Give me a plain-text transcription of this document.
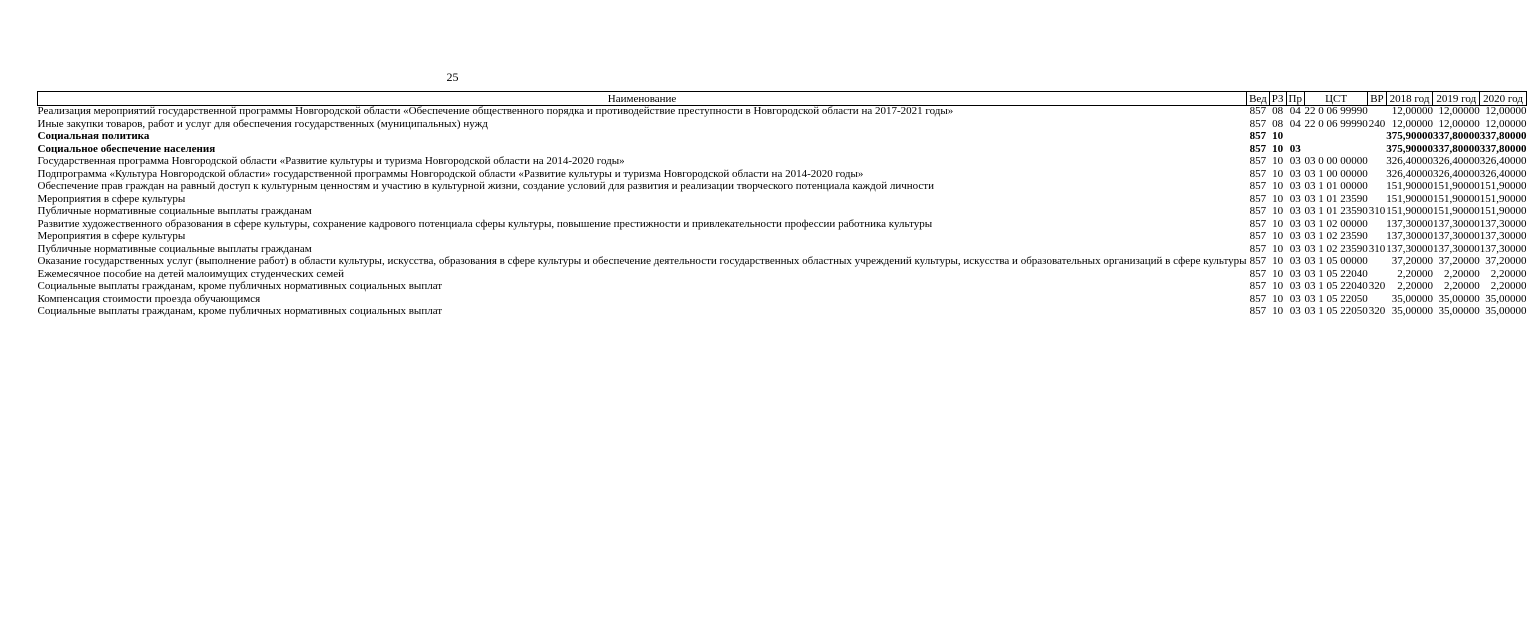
25
Наименование	Вед	РЗ	Пр	ЦСТ	ВР	2018 год	2019 год	2020 год
Реализация мероприятий государственной программы Новгородской области «Обеспечение общественного порядка и противодействие преступности в Новгородской области на 2017-2021 годы»	857	08	04	22 0 06 99990		12,00000	12,00000	12,00000
Иные закупки товаров, работ и услуг для обеспечения государственных (муниципальных) нужд	857	08	04	22 0 06 99990	240	12,00000	12,00000	12,00000
Социальная политика	857	10				375,90000	337,80000	337,80000
Социальное обеспечение населения	857	10	03			375,90000	337,80000	337,80000
Государственная программа Новгородской области «Развитие культуры и туризма Новгородской области на 2014-2020 годы»	857	10	03	03 0 00 00000		326,40000	326,40000	326,40000
Подпрограмма «Культура Новгородской области» государственной программы Новгородской области «Развитие культуры и туризма Новгородской области на 2014-2020 годы»	857	10	03	03 1 00 00000		326,40000	326,40000	326,40000
Обеспечение прав граждан на равный доступ к культурным ценностям и участию в культурной жизни, создание условий для развития и реализации творческого потенциала каждой личности	857	10	03	03 1 01 00000		151,90000	151,90000	151,90000
Мероприятия в сфере культуры	857	10	03	03 1 01 23590		151,90000	151,90000	151,90000
Публичные нормативные социальные выплаты гражданам	857	10	03	03 1 01 23590	310	151,90000	151,90000	151,90000
Развитие художественного образования в сфере культуры, сохранение кадрового потенциала сферы культуры, повышение престижности и привлекательности профессии работника культуры	857	10	03	03 1 02 00000		137,30000	137,30000	137,30000
Мероприятия в сфере культуры	857	10	03	03 1 02 23590		137,30000	137,30000	137,30000
Публичные нормативные социальные выплаты гражданам	857	10	03	03 1 02 23590	310	137,30000	137,30000	137,30000
Оказание государственных услуг (выполнение работ) в области культуры, искусства, образования в сфере культуры и обеспечение деятельности государственных областных учреждений культуры, искусства и образовательных организаций в сфере культуры	857	10	03	03 1 05 00000		37,20000	37,20000	37,20000
Ежемесячное пособие на детей малоимущих студенческих семей	857	10	03	03 1 05 22040		2,20000	2,20000	2,20000
Социальные выплаты гражданам, кроме публичных нормативных социальных выплат	857	10	03	03 1 05 22040	320	2,20000	2,20000	2,20000
Компенсация стоимости проезда обучающимся	857	10	03	03 1 05 22050		35,00000	35,00000	35,00000
Социальные выплаты гражданам, кроме публичных нормативных социальных выплат	857	10	03	03 1 05 22050	320	35,00000	35,00000	35,00000
